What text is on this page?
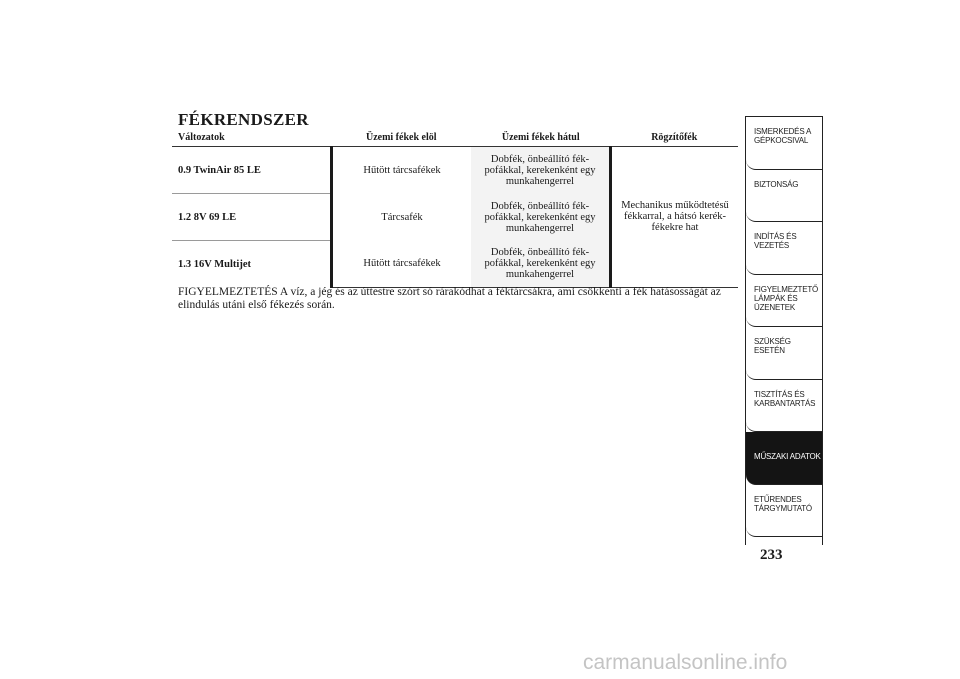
FÉKRENDSZER
Változatok	Üzemi fékek elöl	Üzemi fékek hátul	Rögzítőfék
0.9 TwinAir 85 LE	Hűtött tárcsafékek	Dobfék, önbeállító fék-pofákkal, kerekenként egy munkahengerrel	Mechanikus működtetésű fékkarral, a hátsó kerék-fékekre hat
1.2 8V 69 LE	Tárcsafék	Dobfék, önbeállító fék-pofákkal, kerekenként egy munkahengerrel	
1.3 16V Multijet	Hűtött tárcsafékek	Dobfék, önbeállító fék-pofákkal, kerekenként egy munkahengerrel	
FIGYELMEZTETÉS A víz, a jég és az úttestre szórt só rárakódhat a féktárcsákra, ami csökkenti a fék hatásosságát az elindulás utáni első fékezés során.
ISMERKEDÉS A GÉPKOCSIVAL
BIZTONSÁG
INDÍTÁS ÉS VEZETÉS
FIGYELMEZTETŐ LÁMPÁK ÉS ÜZENETEK
SZÜKSÉG ESETÉN
TISZTÍTÁS ÉS KARBANTARTÁS
MŰSZAKI ADATOK
ETŰRENDES TÁRGYMUTATÓ
233
carmanualsonline.info
